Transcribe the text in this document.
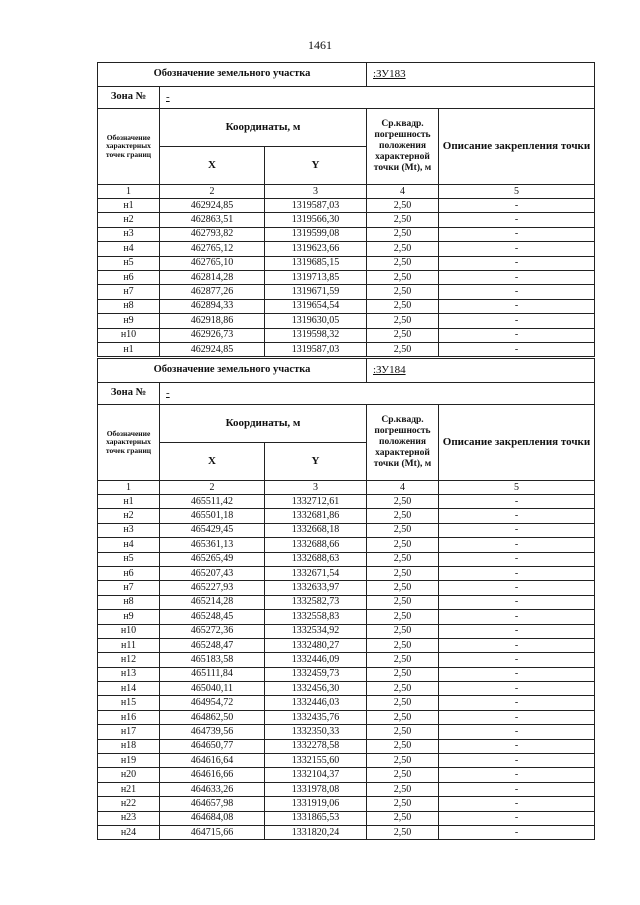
1461
Обозначение земельного участка			:ЗУ183	
Зона №	-			
Обозначение характерных точек границ	Координаты, м		Ср.квадр. погрешность положения характерной точки (Mt), м	Описание закрепления точки
	X	Y		
1	2	3	4	5
н1	462924,85	1319587,03	2,50	-
н2	462863,51	1319566,30	2,50	-
н3	462793,82	1319599,08	2,50	-
н4	462765,12	1319623,66	2,50	-
н5	462765,10	1319685,15	2,50	-
н6	462814,28	1319713,85	2,50	-
н7	462877,26	1319671,59	2,50	-
н8	462894,33	1319654,54	2,50	-
н9	462918,86	1319630,05	2,50	-
н10	462926,73	1319598,32	2,50	-
н1	462924,85	1319587,03	2,50	-
Обозначение земельного участка			:ЗУ184	
Зона №	-			
Обозначение характерных точек границ	Координаты, м		Ср.квадр. погрешность положения характерной точки (Mt), м	Описание закрепления точки
	X	Y		
1	2	3	4	5
н1	465511,42	1332712,61	2,50	-
н2	465501,18	1332681,86	2,50	-
н3	465429,45	1332668,18	2,50	-
н4	465361,13	1332688,66	2,50	-
н5	465265,49	1332688,63	2,50	-
н6	465207,43	1332671,54	2,50	-
н7	465227,93	1332633,97	2,50	-
н8	465214,28	1332582,73	2,50	-
н9	465248,45	1332558,83	2,50	-
н10	465272,36	1332534,92	2,50	-
н11	465248,47	1332480,27	2,50	-
н12	465183,58	1332446,09	2,50	-
н13	465111,84	1332459,73	2,50	-
н14	465040,11	1332456,30	2,50	-
н15	464954,72	1332446,03	2,50	-
н16	464862,50	1332435,76	2,50	-
н17	464739,56	1332350,33	2,50	-
н18	464650,77	1332278,58	2,50	-
н19	464616,64	1332155,60	2,50	-
н20	464616,66	1332104,37	2,50	-
н21	464633,26	1331978,08	2,50	-
н22	464657,98	1331919,06	2,50	-
н23	464684,08	1331865,53	2,50	-
н24	464715,66	1331820,24	2,50	-
